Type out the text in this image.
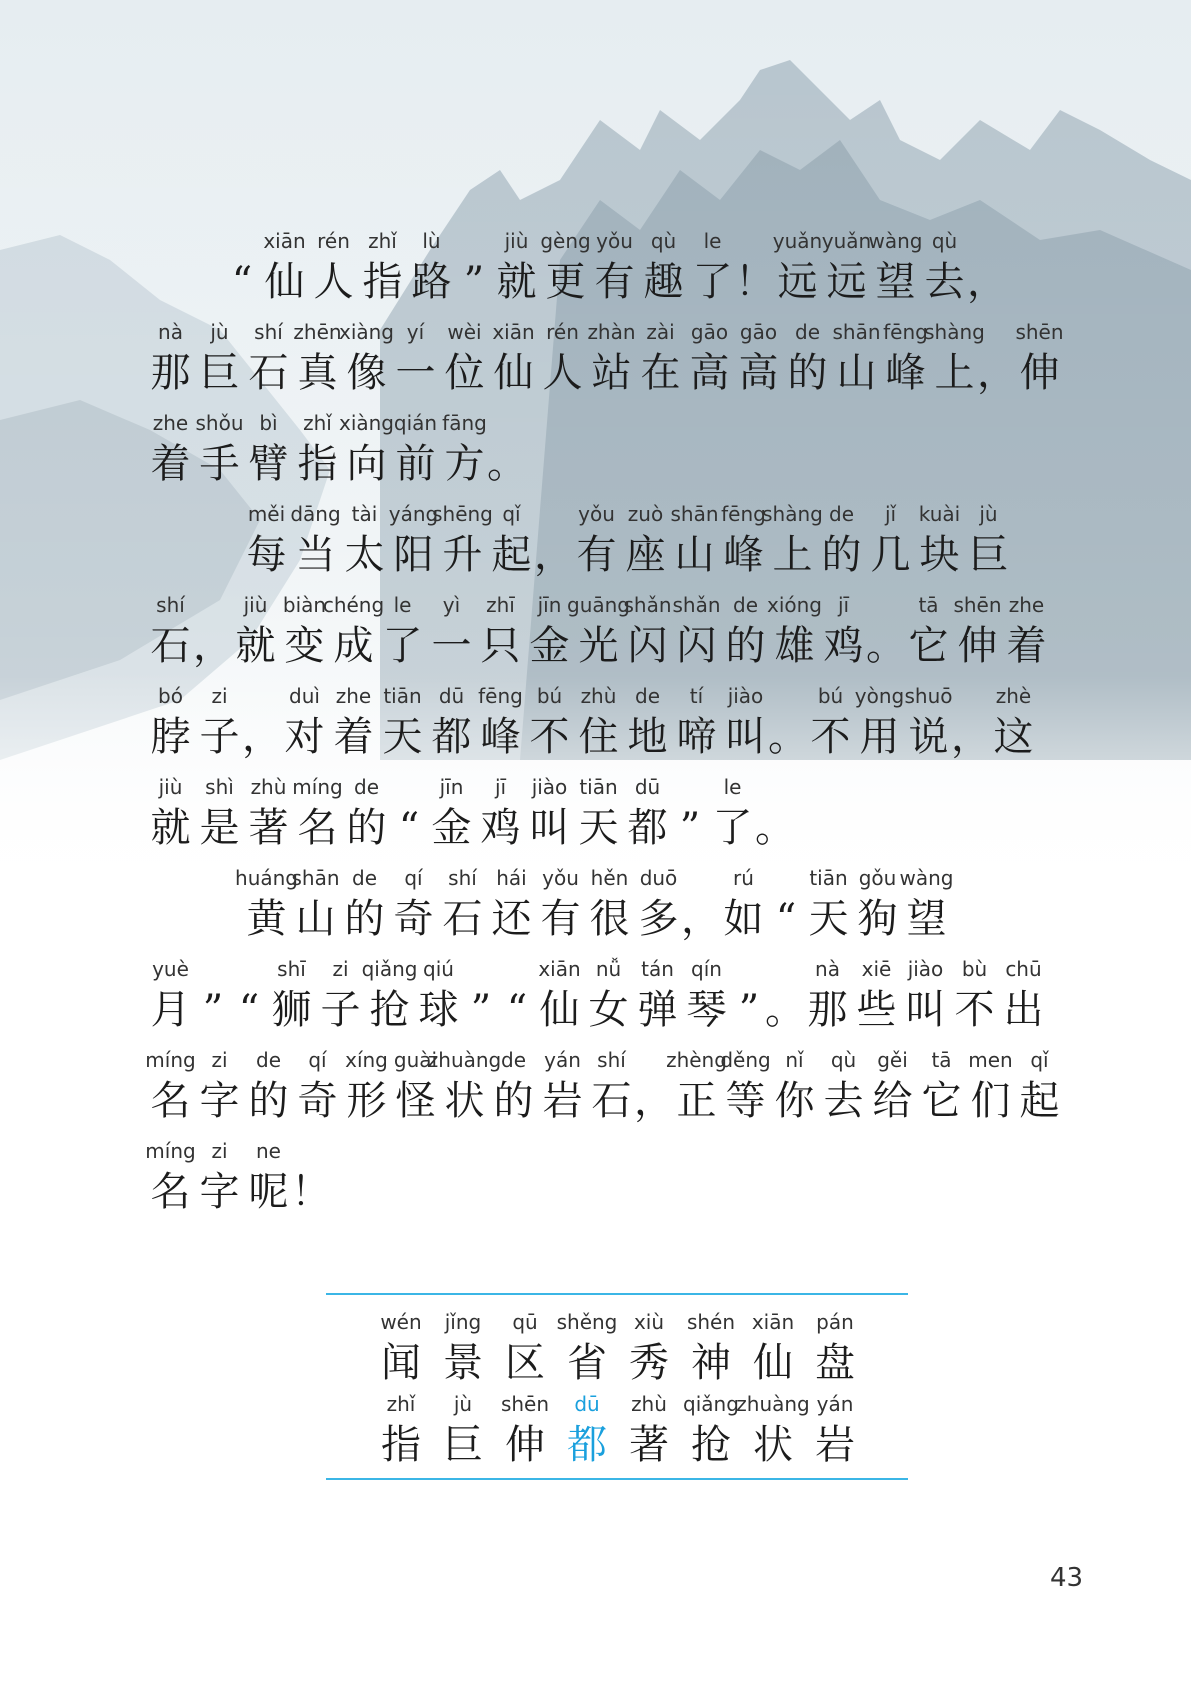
“
xiān
仙
rén
人
zhǐ
指
lù
路 ”
jiù
就
gèng
更
yǒu
有
qù
趣
le
了 ！
yuǎn
远
yuǎn
远
wàng
望
qù
去 ，
nà
那
jù
巨
shí
石
zhēn
真
xiàng
像
yí
一
wèi
位
xiān
仙
rén
人
zhàn
站
zài
在
gāo
高
gāo
高
de
的
shān
山
fēng
峰
shàng
上 ，
shēn
伸
zhe
着
shǒu
手
bì
臂
zhǐ
指
xiàng
向
qián
前
fāng
方 。
měi
每
dāng
当
tài
太
yáng
阳
shēng
升
qǐ
起 ，
yǒu
有
zuò
座
shān
山
fēng
峰
shàng
上
de
的
jǐ
几
kuài
块
jù
巨
shí
石 ，
jiù
就
biàn
变
chéng
成
le
了
yì
一
zhī
只
jīn
金
guāng
光
shǎn
闪
shǎn
闪
de
的
xióng
雄
jī
鸡 。
tā
它
shēn
伸
zhe
着
bó
脖
zi
子 ，
duì
对
zhe
着
tiān
天
dū
都
fēng
峰
bú
不
zhù
住
de
地
tí
啼
jiào
叫 。
bú
不
yòng
用
shuō
说 ，
zhè
这
jiù
就
shì
是
zhù
著
míng
名
de
的 “
jīn
金
jī
鸡
jiào
叫
tiān
天
dū
都 ”
le
了 。
huáng
黄
shān
山
de
的
qí
奇
shí
石
hái
还
yǒu
有
hěn
很
duō
多 ，
rú
如 “
tiān
天
gǒu
狗
wàng
望
yuè
月 ” “
shī
狮
zi
子
qiǎng
抢
qiú
球 ” “
xiān
仙
nǚ
女
tán
弹
qín
琴 ” 。
nà
那
xiē
些
jiào
叫
bù
不
chū
出
míng
名
zi
字
de
的
qí
奇
xíng
形
guài
怪
zhuàng
状
de
的
yán
岩
shí
石 ，
zhèng
正
děng
等
nǐ
你
qù
去
gěi
给
tā
它
men
们
qǐ
起
míng
名
zi
字
ne
呢 ！
wén
闻
jǐng
景
qū
区
shěng
省
xiù
秀
shén
神
xiān
仙
pán
盘
zhǐ
指
jù
巨
shēn
伸
dū
都
zhù
著
qiǎng
抢
zhuàng
状
yán
岩
43
